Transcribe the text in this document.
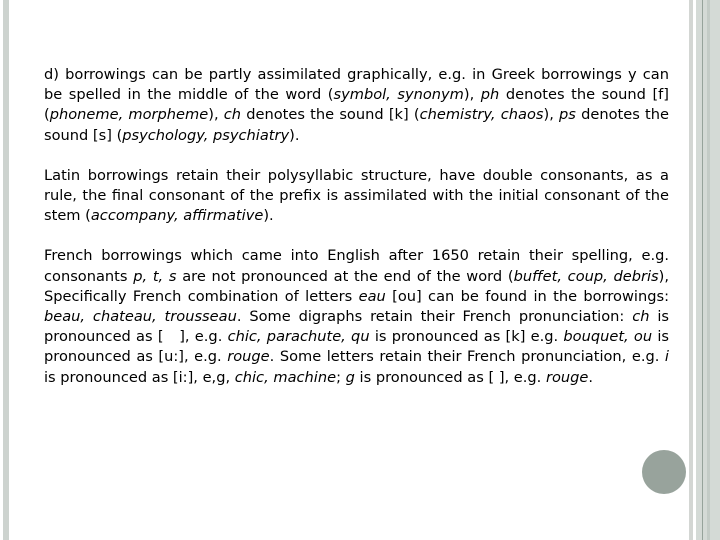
d) borrowings can be partly assimilated graphically, e.g. in Greek borrowings y can be spelled in the middle of the word (symbol, synonym), ph denotes the sound [f] (phoneme, morpheme), ch denotes the sound [k] (chemistry, chaos), ps denotes the sound [s] (psychology, psychiatry).

Latin borrowings retain their polysyllabic structure, have double consonants, as a rule, the final consonant of the prefix is assimilated with the initial consonant of the stem (accompany, affirmative).

French borrowings which came into English after 1650 retain their spelling, e.g. consonants p, t, s are not pronounced at the end of the word (buffet, coup, debris), Specifically French combination of letters eau [ou] can be found in the borrowings: beau, chateau, trousseau. Some digraphs retain their French pronunciation: ch is pronounced as [   ], e.g. chic, parachute, qu is pronounced as [k] e.g. bouquet, ou is pronounced as [u:], e.g. rouge. Some letters retain their French pronunciation, e.g. i is pronounced as [i:], e,g, chic, machine; g is pronounced as [ ], e.g. rouge.
